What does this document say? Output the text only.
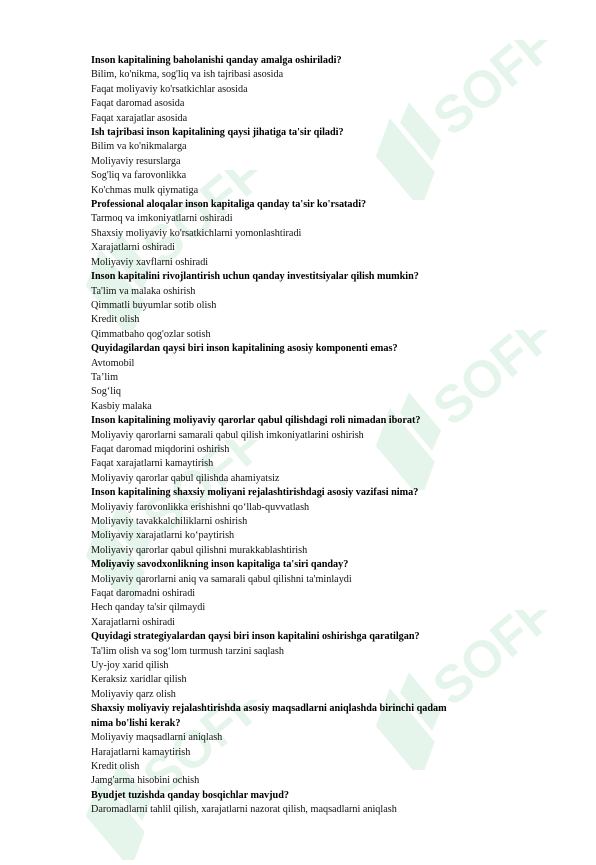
SOFF
SOFF
SOFF
SOFF
SOFF
SOFF
Inson kapitalining baholanishi qanday amalga oshiriladi?
Bilim, ko'nikma, sog'liq va ish tajribasi asosida
Faqat moliyaviy ko'rsatkichlar asosida
Faqat daromad asosida
Faqat xarajatlar asosida
Ish tajribasi inson kapitalining qaysi jihatiga ta'sir qiladi?
Bilim va ko'nikmalarga
Moliyaviy resurslarga
Sog'liq va farovonlikka
Ko'chmas mulk qiymatiga
Professional aloqalar inson kapitaliga qanday ta'sir ko'rsatadi?
Tarmoq va imkoniyatlarni oshiradi
Shaxsiy moliyaviy ko'rsatkichlarni yomonlashtiradi
Xarajatlarni oshiradi
Moliyaviy xavflarni oshiradi
Inson kapitalini rivojlantirish uchun qanday investitsiyalar qilish mumkin?
Ta'lim va malaka oshirish
Qimmatli buyumlar sotib olish
Kredit olish
Qimmatbaho qog'ozlar sotish
Quyidagilardan qaysi biri inson kapitalining asosiy komponenti emas?
Avtomobil
Ta’lim
Sog‘liq
Kasbiy malaka
Inson kapitalining moliyaviy qarorlar qabul qilishdagi roli nimadan iborat?
Moliyaviy qarorlarni samarali qabul qilish imkoniyatlarini oshirish
Faqat daromad miqdorini oshirish
Faqat xarajatlarni kamaytirish
Moliyaviy qarorlar qabul qilishda ahamiyatsiz
Inson kapitalining shaxsiy moliyani rejalashtirishdagi asosiy vazifasi nima?
Moliyaviy farovonlikka erishishni qo‘llab-quvvatlash
Moliyaviy tavakkalchiliklarni oshirish
Moliyaviy xarajatlarni ko‘paytirish
Moliyaviy qarorlar qabul qilishni murakkablashtirish
Moliyaviy savodxonlikning inson kapitaliga ta'siri qanday?
Moliyaviy qarorlarni aniq va samarali qabul qilishni ta'minlaydi
Faqat daromadni oshiradi
Hech qanday ta'sir qilmaydi
Xarajatlarni oshiradi
Quyidagi strategiyalardan qaysi biri inson kapitalini oshirishga qaratilgan?
Ta'lim olish va sog‘lom turmush tarzini saqlash
Uy-joy xarid qilish
Keraksiz xaridlar qilish
Moliyaviy qarz olish
Shaxsiy moliyaviy rejalashtirishda asosiy maqsadlarni aniqlashda birinchi qadam nima bo'lishi kerak?
Moliyaviy maqsadlarni aniqlash
Harajatlarni kamaytirish
Kredit olish
Jamg'arma hisobini ochish
Byudjet tuzishda qanday bosqichlar mavjud?
Daromadlarni tahlil qilish, xarajatlarni nazorat qilish, maqsadlarni aniqlash
